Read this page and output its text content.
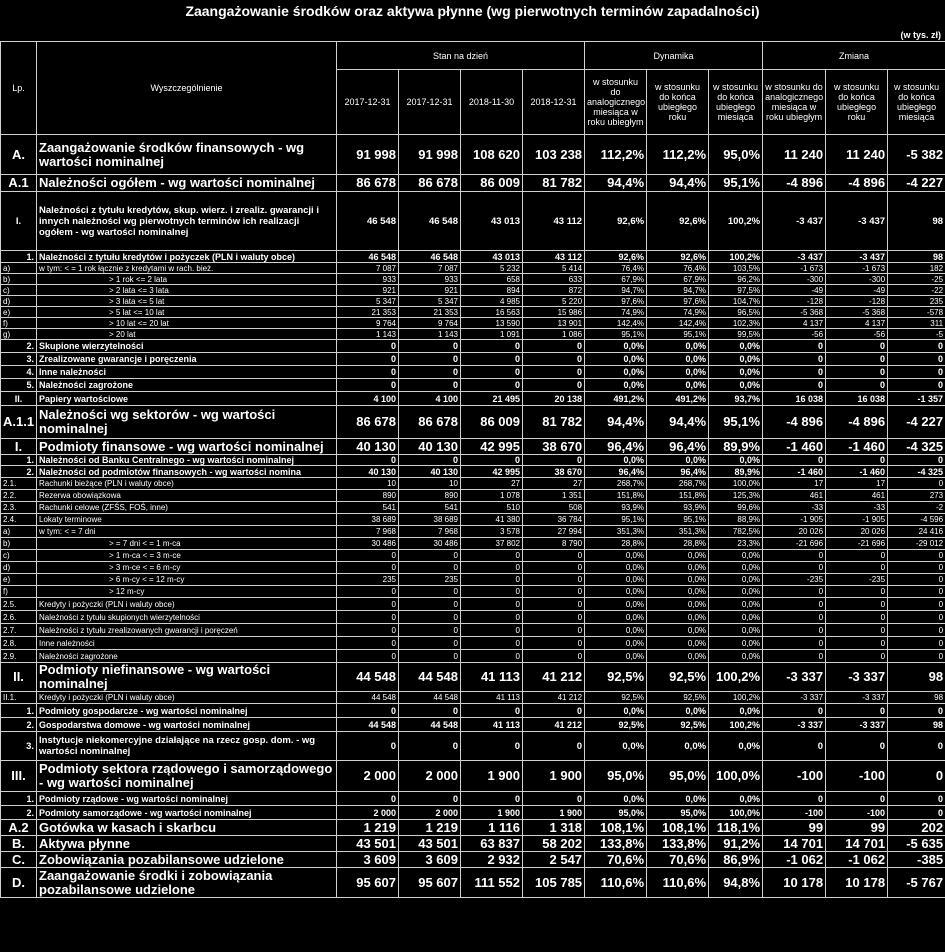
Zaangażowanie środków oraz aktywa płynne (wg pierwotnych terminów zapadalności)
(w tys. zł)
Lp.	Wyszczególnienie	Stan na dzień				Dynamika			Zmiana		
		2017-12-31	2017-12-31	2018-11-30	2018-12-31	w stosunku do analogicznego miesiąca w roku ubiegłym	w stosunku do końca ubiegłego roku	w stosunku do końca ubiegłego miesiąca	w stosunku do analogicznego miesiąca w roku ubiegłym	w stosunku do końca ubiegłego roku	w stosunku do końca ubiegłego miesiąca
A.	Zaangażowanie środków finansowych - wg wartości nominalnej	91 998	91 998	108 620	103 238	112,2%	112,2%	95,0%	11 240	11 240	-5 382
A.1	Należności ogółem - wg wartości nominalnej	86 678	86 678	86 009	81 782	94,4%	94,4%	95,1%	-4 896	-4 896	-4 227
I.	Należności z tytułu kredytów, skup. wierz. i zrealiz. gwarancji i innych należności wg pierwotnych terminów ich realizacji ogółem - wg wartości nominalnej	46 548	46 548	43 013	43 112	92,6%	92,6%	100,2%	-3 437	-3 437	98
1.	Należności z tytułu kredytów i pożyczek (PLN i waluty obce)	46 548	46 548	43 013	43 112	92,6%	92,6%	100,2%	-3 437	-3 437	98
a)	w tym: < = 1 rok łącznie z kredytami w rach. bież.	7 087	7 087	5 232	5 414	76,4%	76,4%	103,5%	-1 673	-1 673	182
b)	> 1 rok <= 2 lata	933	933	658	633	67,9%	67,9%	96,2%	-300	-300	-25
c)	> 2 lata <= 3 lata	921	921	894	872	94,7%	94,7%	97,5%	-49	-49	-22
d)	> 3 lata <= 5 lat	5 347	5 347	4 985	5 220	97,6%	97,6%	104,7%	-128	-128	235
e)	> 5 lat <= 10 lat	21 353	21 353	16 563	15 986	74,9%	74,9%	96,5%	-5 368	-5 368	-578
f)	> 10 lat <= 20 lat	9 764	9 764	13 590	13 901	142,4%	142,4%	102,3%	4 137	4 137	311
g)	> 20 lat	1 143	1 143	1 091	1 086	95,1%	95,1%	99,5%	-56	-56	-5
2.	Skupione wierzytelności	0	0	0	0	0,0%	0,0%	0,0%	0	0	0
3.	Zrealizowane gwarancje i poręczenia	0	0	0	0	0,0%	0,0%	0,0%	0	0	0
4.	Inne należności	0	0	0	0	0,0%	0,0%	0,0%	0	0	0
5.	Należności zagrożone	0	0	0	0	0,0%	0,0%	0,0%	0	0	0
II.	Papiery wartościowe	4 100	4 100	21 495	20 138	491,2%	491,2%	93,7%	16 038	16 038	-1 357
A.1.1	Należności wg sektorów - wg wartości nominalnej	86 678	86 678	86 009	81 782	94,4%	94,4%	95,1%	-4 896	-4 896	-4 227
I.	Podmioty finansowe - wg wartości nominalnej	40 130	40 130	42 995	38 670	96,4%	96,4%	89,9%	-1 460	-1 460	-4 325
1.	Należności od Banku Centralnego - wg wartości nominalnej	0	0	0	0	0,0%	0,0%	0,0%	0	0	0
2.	Należności od podmiotów finansowych - wg wartości nomina	40 130	40 130	42 995	38 670	96,4%	96,4%	89,9%	-1 460	-1 460	-4 325
2.1.	Rachunki bieżące (PLN i waluty obce)	10	10	27	27	268,7%	268,7%	100,0%	17	17	0
2.2.	Rezerwa obowiązkowa	890	890	1 078	1 351	151,8%	151,8%	125,3%	461	461	273
2.3.	Rachunki celowe (ZFŚS, FOŚ, inne)	541	541	510	508	93,9%	93,9%	99,6%	-33	-33	-2
2.4.	Lokaty terminowe	38 689	38 689	41 380	36 784	95,1%	95,1%	88,9%	-1 905	-1 905	-4 596
a)	w tym: < = 7 dni	7 968	7 968	3 578	27 994	351,3%	351,3%	782,5%	20 026	20 026	24 416
b)	> = 7 dni < = 1 m-ca	30 486	30 486	37 802	8 790	28,8%	28,8%	23,3%	-21 696	-21 696	-29 012
c)	> 1 m-ca < = 3 m-ce	0	0	0	0	0,0%	0,0%	0,0%	0	0	0
d)	> 3 m-ce < = 6 m-cy	0	0	0	0	0,0%	0,0%	0,0%	0	0	0
e)	> 6 m-cy < = 12 m-cy	235	235	0	0	0,0%	0,0%	0,0%	-235	-235	0
f)	> 12 m-cy	0	0	0	0	0,0%	0,0%	0,0%	0	0	0
2.5.	Kredyty i pożyczki (PLN i waluty obce)	0	0	0	0	0,0%	0,0%	0,0%	0	0	0
2.6.	Należności z tytułu skupionych wierzytelności	0	0	0	0	0,0%	0,0%	0,0%	0	0	0
2.7.	Należności z tytułu zrealizowanych gwarancji i poręczeń	0	0	0	0	0,0%	0,0%	0,0%	0	0	0
2.8.	Inne należności	0	0	0	0	0,0%	0,0%	0,0%	0	0	0
2.9.	Należności zagrożone	0	0	0	0	0,0%	0,0%	0,0%	0	0	0
II.	Podmioty niefinansowe - wg wartości nominalnej	44 548	44 548	41 113	41 212	92,5%	92,5%	100,2%	-3 337	-3 337	98
II.1.	Kredyty i pożyczki (PLN i waluty obce)	44 548	44 548	41 113	41 212	92,5%	92,5%	100,2%	-3 337	-3 337	98
1.	Podmioty gospodarcze - wg wartości nominalnej	0	0	0	0	0,0%	0,0%	0,0%	0	0	0
2.	Gospodarstwa domowe - wg wartości nominalnej	44 548	44 548	41 113	41 212	92,5%	92,5%	100,2%	-3 337	-3 337	98
3.	Instytucje niekomercyjne działające na rzecz gosp. dom. - wg wartości nominalnej	0	0	0	0	0,0%	0,0%	0,0%	0	0	0
III.	Podmioty sektora rządowego i samorządowego - wg wartości nominalnej	2 000	2 000	1 900	1 900	95,0%	95,0%	100,0%	-100	-100	0
1.	Podmioty rządowe - wg wartości nominalnej	0	0	0	0	0,0%	0,0%	0,0%	0	0	0
2.	Podmioty samorządowe - wg wartości nominalnej	2 000	2 000	1 900	1 900	95,0%	95,0%	100,0%	-100	-100	0
A.2	Gotówka w kasach i skarbcu	1 219	1 219	1 116	1 318	108,1%	108,1%	118,1%	99	99	202
B.	Aktywa płynne	43 501	43 501	63 837	58 202	133,8%	133,8%	91,2%	14 701	14 701	-5 635
C.	Zobowiązania pozabilansowe udzielone	3 609	3 609	2 932	2 547	70,6%	70,6%	86,9%	-1 062	-1 062	-385
D.	Zaangażowanie środki i zobowiązania pozabilansowe udzielone	95 607	95 607	111 552	105 785	110,6%	110,6%	94,8%	10 178	10 178	-5 767
